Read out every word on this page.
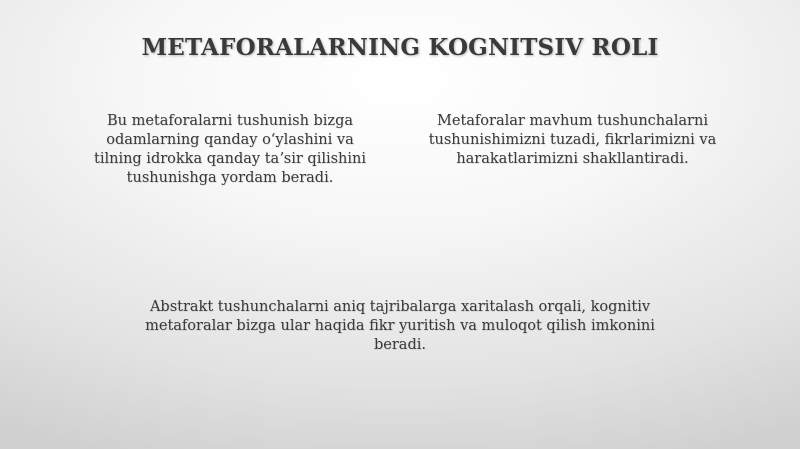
METAFORALARNING KOGNITSIV ROLI

Bu metaforalarni tushunish bizga odamlarning qanday oʻylashini va tilning idrokka qanday taʼsir qilishini tushunishga yordam beradi.

Metaforalar mavhum tushunchalarni tushunishimizni tuzadi, fikrlarimizni va harakatlarimizni shakllantiradi.

Abstrakt tushunchalarni aniq tajribalarga xaritalash orqali, kognitiv metaforalar bizga ular haqida fikr yuritish va muloqot qilish imkonini beradi.
